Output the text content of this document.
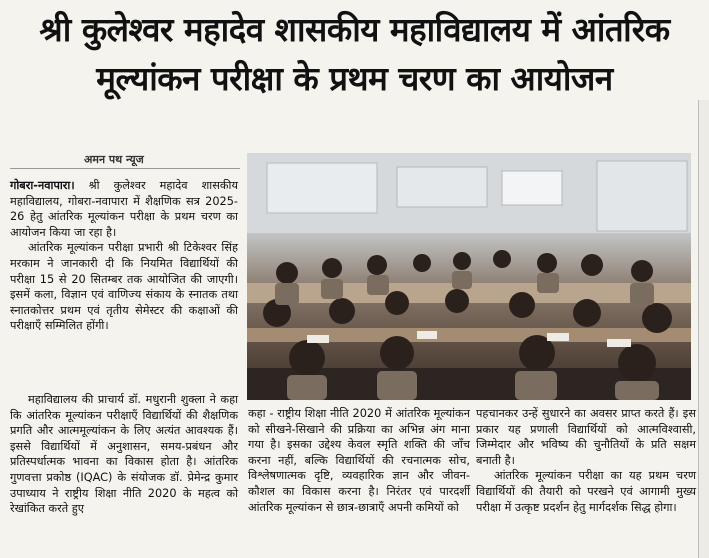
श्री कुलेश्वर महादेव शासकीय महाविद्यालय में आंतरिक
मूल्यांकन परीक्षा के प्रथम चरण का आयोजन
अमन पथ न्यूज

गोबरा-नवापारा। श्री कुलेश्वर महादेव शासकीय महाविद्यालय, गोबरा-नवापारा में शैक्षणिक सत्र 2025-26 हेतु आंतरिक मूल्यांकन परीक्षा के प्रथम चरण का आयोजन किया जा रहा है।

आंतरिक मूल्यांकन परीक्षा प्रभारी श्री टिकेश्वर सिंह मरकाम ने जानकारी दी कि नियमित विद्यार्थियों की परीक्षा 15 से 20 सितम्बर तक आयोजित की जाएगी। इसमें कला, विज्ञान एवं वाणिज्य संकाय के स्नातक तथा स्नातकोत्तर प्रथम एवं तृतीय सेमेस्टर की कक्षाओं की परीक्षाएँ सम्मिलित होंगी।

महाविद्यालय की प्राचार्य डॉ. मधुरानी शुक्ला ने कहा कि आंतरिक मूल्यांकन परीक्षाएँ विद्यार्थियों की शैक्षणिक प्रगति और आत्ममूल्यांकन के लिए अत्यंत आवश्यक हैं। इससे विद्यार्थियों में अनुशासन, समय-प्रबंधन और प्रतिस्पर्धात्मक भावना का विकास होता है। आंतरिक गुणवत्ता प्रकोष्ठ (IQAC) के संयोजक डॉ. प्रेमेन्द्र कुमार उपाध्याय ने राष्ट्रीय शिक्षा नीति 2020 के महत्व को रेखांकित करते हुए

कहा - राष्ट्रीय शिक्षा नीति 2020 में आंतरिक मूल्यांकन को सीखने-सिखाने की प्रक्रिया का अभिन्न अंग माना गया है। इसका उद्देश्य केवल स्मृति शक्ति की जाँच करना नहीं, बल्कि विद्यार्थियों की रचनात्मक सोच, विश्लेषणात्मक दृष्टि, व्यवहारिक ज्ञान और जीवन-कौशल का विकास करना है। निरंतर एवं पारदर्शी आंतरिक मूल्यांकन से छात्र-छात्राएँ अपनी कमियों को

पहचानकर उन्हें सुधारने का अवसर प्राप्त करते हैं। इस प्रकार यह प्रणाली विद्यार्थियों को आत्मविश्वासी, जिम्मेदार और भविष्य की चुनौतियों के प्रति सक्षम बनाती है।

आंतरिक मूल्यांकन परीक्षा का यह प्रथम चरण विद्यार्थियों की तैयारी को परखने एवं आगामी मुख्य परीक्षा में उत्कृष्ट प्रदर्शन हेतु मार्गदर्शक सिद्ध होगा।
